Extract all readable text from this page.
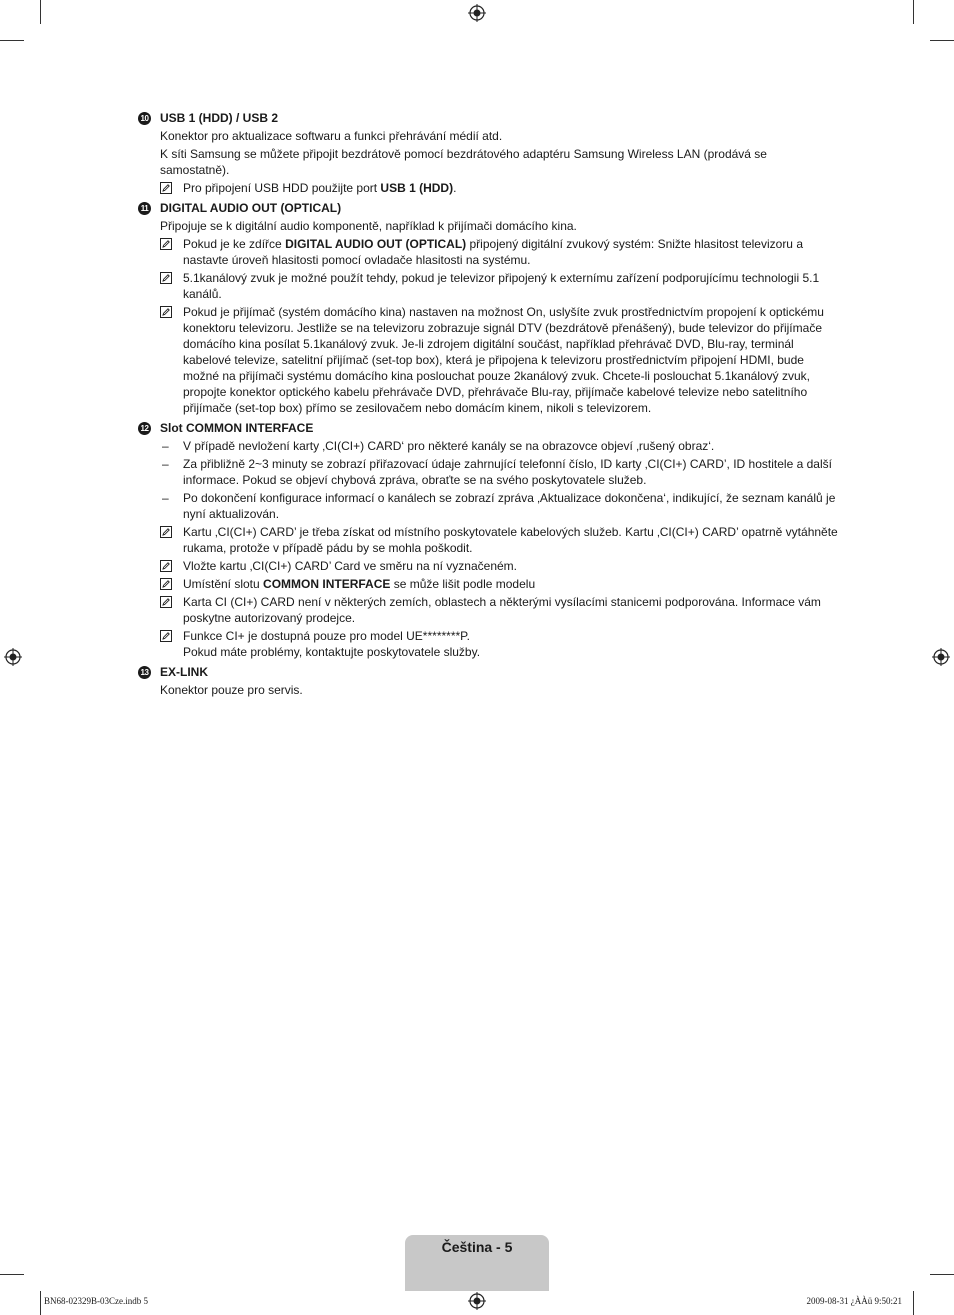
10 USB 1 (HDD) / USB 2
Konektor pro aktualizace softwaru a funkci přehrávání médií atd.
K síti Samsung se můžete připojit bezdrátově pomocí bezdrátového adaptéru Samsung Wireless LAN (prodává se samostatně).
Pro připojení USB HDD použijte port USB 1 (HDD).
11 DIGITAL AUDIO OUT (OPTICAL)
Připojuje se k digitální audio komponentě, například k přijímači domácího kina.
Pokud je ke zdířce DIGITAL AUDIO OUT (OPTICAL) připojený digitální zvukový systém: Snižte hlasitost televizoru a nastavte úroveň hlasitosti pomocí ovladače hlasitosti na systému.
5.1kanálový zvuk je možné použít tehdy, pokud je televizor připojený k externímu zařízení podporujícímu technologii 5.1 kanálů.
Pokud je přijímač (systém domácího kina) nastaven na možnost On, uslyšíte zvuk prostřednictvím propojení k optickému konektoru televizoru. Jestliže se na televizoru zobrazuje signál DTV (bezdrátově přenášený), bude televizor do přijímače domácího kina posílat 5.1kanálový zvuk. Je-li zdrojem digitální součást, například přehrávač DVD, Blu-ray, terminál kabelové televize, satelitní přijímač (set-top box), která je připojena k televizoru prostřednictvím připojení HDMI, bude možné na přijímači systému domácího kina poslouchat pouze 2kanálový zvuk. Chcete-li poslouchat 5.1kanálový zvuk, propojte konektor optického kabelu přehrávače DVD, přehrávače Blu-ray, přijímače kabelové televize nebo satelitního přijímače (set-top box) přímo se zesilovačem nebo domácím kinem, nikoli s televizorem.
12 Slot COMMON INTERFACE
–	V případě nevložení karty ‚CI(CI+) CARD‘ pro některé kanály se na obrazovce objeví ‚rušený obraz‘.
–	Za přibližně 2~3 minuty se zobrazí přiřazovací údaje zahrnující telefonní číslo, ID karty ‚CI(CI+) CARD’, ID hostitele a další informace. Pokud se objeví chybová zpráva, obraťte se na svého poskytovatele služeb.
–	Po dokončení konfigurace informací o kanálech se zobrazí zpráva ‚Aktualizace dokončena‘, indikující, že seznam kanálů je nyní aktualizován.
Kartu ‚CI(CI+) CARD’ je třeba získat od místního poskytovatele kabelových služeb. Kartu ‚CI(CI+) CARD’ opatrně vytáhněte rukama, protože v případě pádu by se mohla poškodit.
Vložte kartu ‚CI(CI+) CARD’ Card ve směru na ní vyznačeném.
Umístění slotu COMMON INTERFACE se může lišit podle modelu
Karta CI (CI+) CARD není v některých zemích, oblastech a některými vysílacími stanicemi podporována. Informace vám poskytne autorizovaný prodejce.
Funkce CI+ je dostupná pouze pro model UE********P.
Pokud máte problémy, kontaktujte poskytovatele služby.
13 EX-LINK
Konektor pouze pro servis.
Čeština - 5
BN68-02329B-03Cze.indb 5	2009-08-31 ¿ÀÀü 9:50:21
